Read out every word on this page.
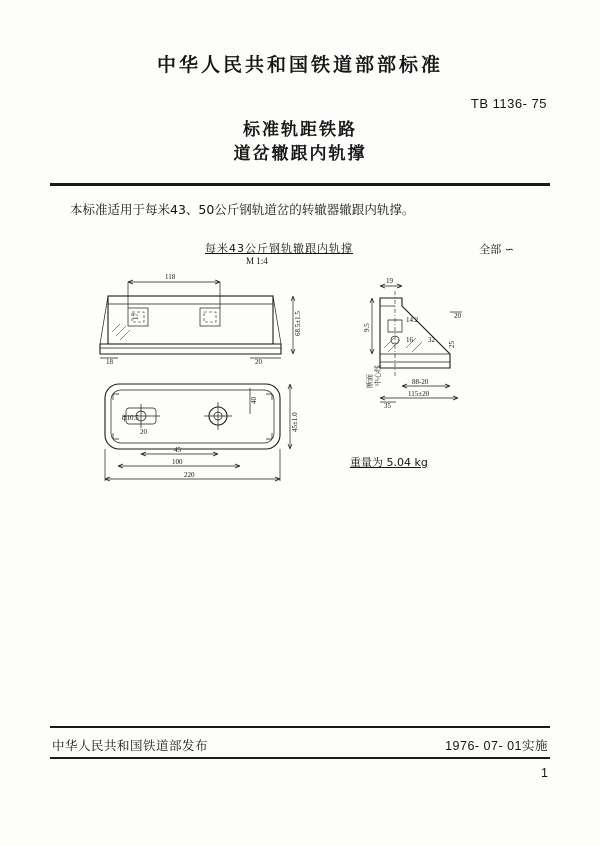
中华人民共和国铁道部部标准
TB 1136- 75
标准轨距铁路
道岔辙跟内轨撑
本标准适用于每米43、50公斤钢轨道岔的转辙器辙跟内轨撑。
每米43公斤钢轨辙跟内轨撑
M 1:4
全部 ∽
重量为 5.04 kg
118
17	68.5±1.5
18	20
ф10.5
20
40
45±1.0
45
100
220
19
9.5
14.2	20
25
中心线
断面	88-20
115±20
35
16 32
中华人民共和国铁道部发布	1976- 07- 01实施
1
